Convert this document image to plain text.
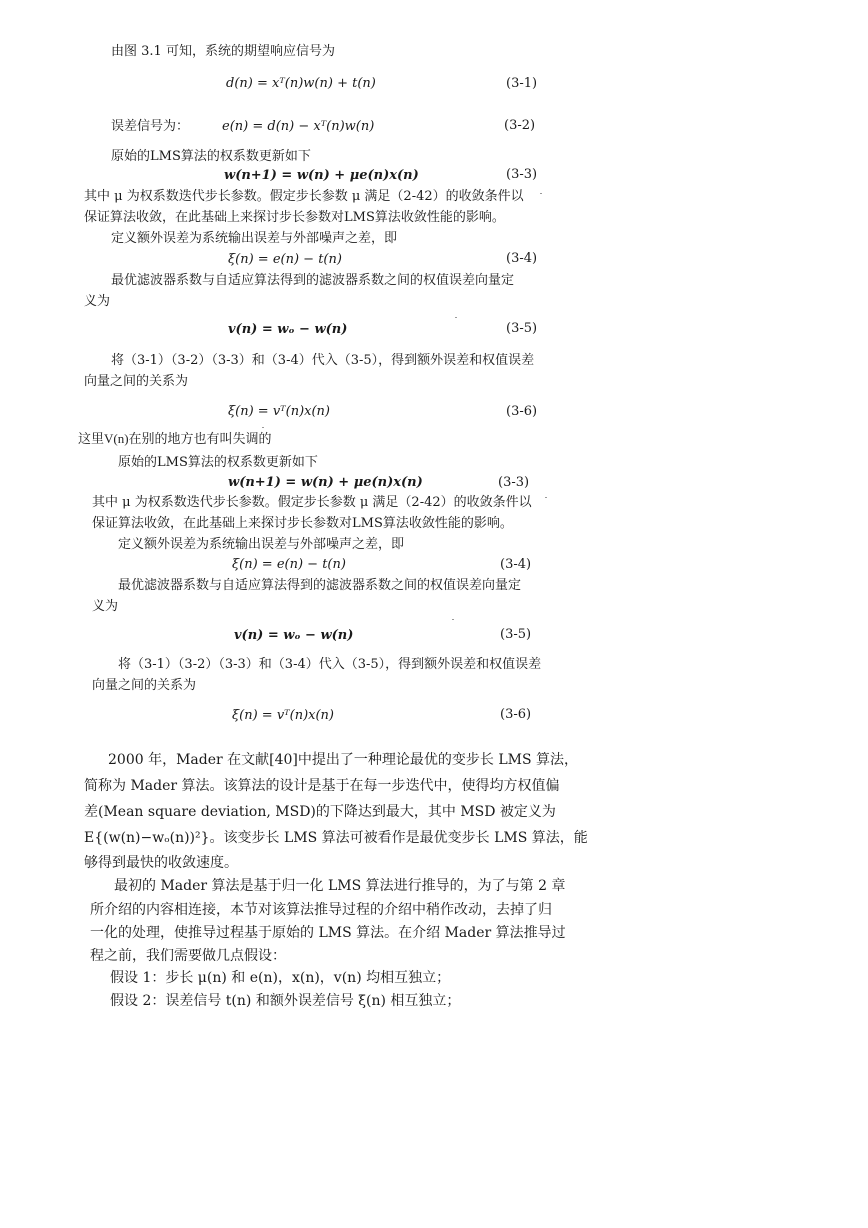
由图 3.1 可知，系统的期望响应信号为
d(n) = xᵀ(n)w(n) + t(n)	(3-1)
误差信号为：	e(n) = d(n) − xᵀ(n)w(n)	(3-2)
原始的LMS算法的权系数更新如下
w(n+1) = w(n) + μe(n)x(n)	(3-3)
其中 μ 为权系数迭代步长参数。假定步长参数 μ 满足（2-42）的收敛条件以
保证算法收敛，在此基础上来探讨步长参数对LMS算法收敛性能的影响。
定义额外误差为系统输出误差与外部噪声之差，即
ξ(n) = e(n) − t(n)	(3-4)
最优滤波器系数与自适应算法得到的滤波器系数之间的权值误差向量定
义为
v(n) = wₒ − w(n)	(3-5)
将（3-1）（3-2）（3-3）和（3-4）代入（3-5），得到额外误差和权值误差
向量之间的关系为
ξ(n) = vᵀ(n)x(n)	(3-6)
这里V(n)在别的地方也有叫失调的
原始的LMS算法的权系数更新如下
w(n+1) = w(n) + μe(n)x(n)	(3-3)
其中 μ 为权系数迭代步长参数。假定步长参数 μ 满足（2-42）的收敛条件以
保证算法收敛，在此基础上来探讨步长参数对LMS算法收敛性能的影响。
定义额外误差为系统输出误差与外部噪声之差，即
ξ(n) = e(n) − t(n)	(3-4)
最优滤波器系数与自适应算法得到的滤波器系数之间的权值误差向量定
义为
v(n) = wₒ − w(n)	(3-5)
将（3-1）（3-2）（3-3）和（3-4）代入（3-5），得到额外误差和权值误差
向量之间的关系为
ξ(n) = vᵀ(n)x(n)	(3-6)
2000 年，Mader 在文献[40]中提出了一种理论最优的变步长 LMS 算法，
简称为 Mader 算法。该算法的设计是基于在每一步迭代中，使得均方权值偏
差(Mean square deviation, MSD)的下降达到最大，其中 MSD 被定义为
E{(w(n)−wₒ(n))²}。该变步长 LMS 算法可被看作是最优变步长 LMS 算法，能
够得到最快的收敛速度。
最初的 Mader 算法是基于归一化 LMS 算法进行推导的，为了与第 2 章
所介绍的内容相连接，本节对该算法推导过程的介绍中稍作改动，去掉了归
一化的处理，使推导过程基于原始的 LMS 算法。在介绍 Mader 算法推导过
程之前，我们需要做几点假设：
假设 1：步长 μ(n) 和 e(n)，x(n)，v(n) 均相互独立；
假设 2：误差信号 t(n) 和额外误差信号 ξ(n) 相互独立；
